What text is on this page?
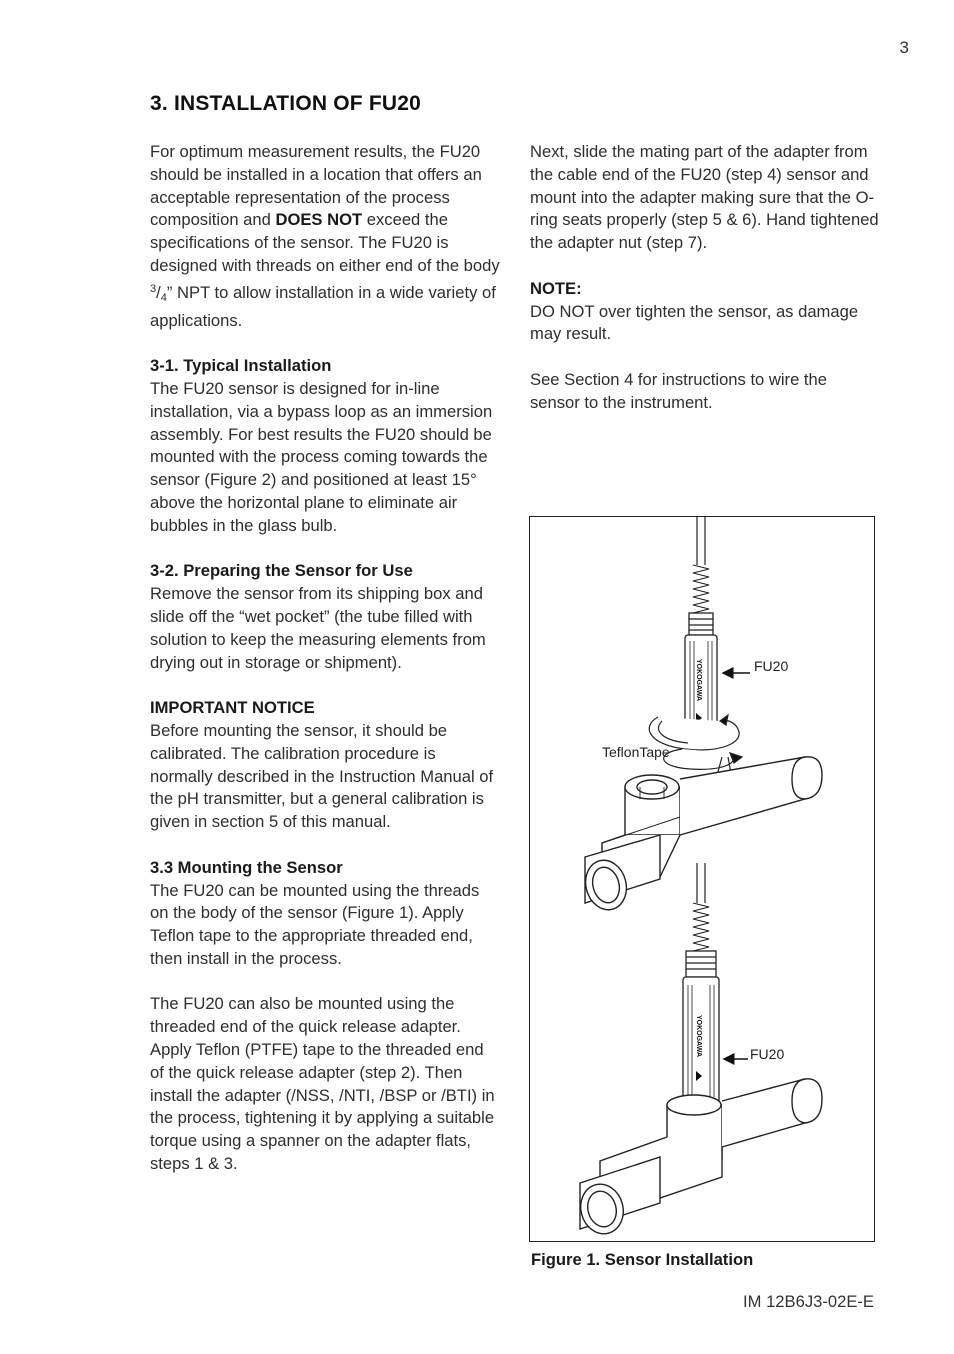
3
3. INSTALLATION OF FU20

For optimum measurement results, the FU20 should be installed in a location that offers an acceptable representation of the process composition and DOES NOT exceed the specifications of the sensor. The FU20 is designed with threads on either end of the body $^3/_4$” NPT to allow installation in a wide variety of applications.

3-1. Typical Installation
The FU20 sensor is designed for in-line installation, via a bypass loop as an immersion assembly. For best results the FU20 should be mounted with the process coming towards the sensor (Figure 2) and positioned at least 15° above the horizontal plane to eliminate air bubbles in the glass bulb.

3-2. Preparing the Sensor for Use
Remove the sensor from its shipping box and slide off the “wet pocket” (the tube filled with solution to keep the measuring elements from drying out in storage or shipment).

IMPORTANT NOTICE
Before mounting the sensor, it should be calibrated. The calibration procedure is normally described in the Instruction Manual of the pH transmitter, but a general calibration is given in section 5 of this manual.

3.3 Mounting the Sensor
The FU20 can be mounted using the threads on the body of the sensor (Figure 1). Apply Teflon tape to the appropriate threaded end, then install in the process.

The FU20 can also be mounted using the threaded end of the quick release adapter. Apply Teflon (PTFE) tape to the threaded end of the quick release adapter (step 2). Then install the adapter (/NSS, /NTI, /BSP or /BTI) in the process, tightening it by applying a suitable torque using a spanner on the adapter flats, steps 1 & 3.

Next, slide the mating part of the adapter from the cable end of the FU20 (step 4) sensor and mount into the adapter making sure that the O-ring seats properly (step 5 & 6). Hand tightened the adapter nut (step 7).

NOTE:
DO NOT over tighten the sensor, as damage may result.

See Section 4 for instructions to wire the sensor to the instrument.

YOKOGAWA
YOKOGAWA
FU20
TeflonTape
FU20
Figure 1. Sensor Installation
IM 12B6J3-02E-E
